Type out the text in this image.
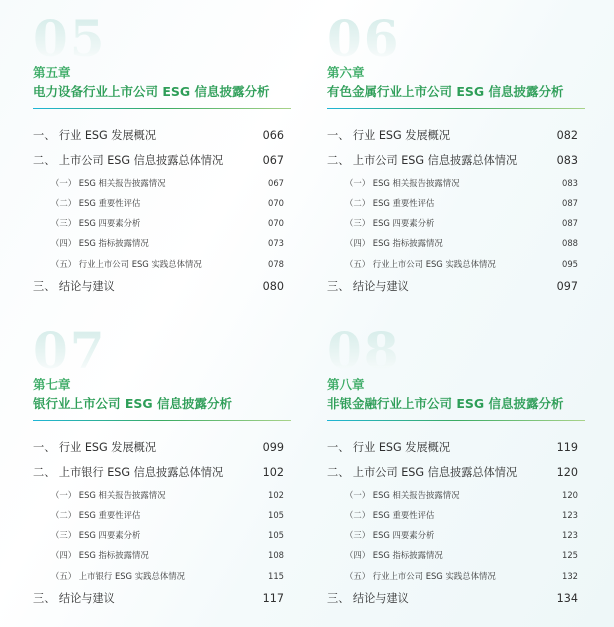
05
第五章
电力设备行业上市公司 ESG 信息披露分析
一、 行业 ESG 发展概况	066
二、 上市公司 ESG 信息披露总体情况	067
（一） ESG 相关报告披露情况	067
（二） ESG 重要性评估	070
（三） ESG 四要素分析	070
（四） ESG 指标披露情况	073
（五） 行业上市公司 ESG 实践总体情况	078
三、 结论与建议	080
06
第六章
有色金属行业上市公司 ESG 信息披露分析
一、 行业 ESG 发展概况	082
二、 上市公司 ESG 信息披露总体情况	083
（一） ESG 相关报告披露情况	083
（二） ESG 重要性评估	087
（三） ESG 四要素分析	087
（四） ESG 指标披露情况	088
（五） 行业上市公司 ESG 实践总体情况	095
三、 结论与建议	097
07
第七章
银行业上市公司 ESG 信息披露分析
一、 行业 ESG 发展概况	099
二、 上市银行 ESG 信息披露总体情况	102
（一） ESG 相关报告披露情况	102
（二） ESG 重要性评估	105
（三） ESG 四要素分析	105
（四） ESG 指标披露情况	108
（五） 上市银行 ESG 实践总体情况	115
三、 结论与建议	117
08
第八章
非银金融行业上市公司 ESG 信息披露分析
一、 行业 ESG 发展概况	119
二、 上市公司 ESG 信息披露总体情况	120
（一） ESG 相关报告披露情况	120
（二） ESG 重要性评估	123
（三） ESG 四要素分析	123
（四） ESG 指标披露情况	125
（五） 行业上市公司 ESG 实践总体情况	132
三、 结论与建议	134
